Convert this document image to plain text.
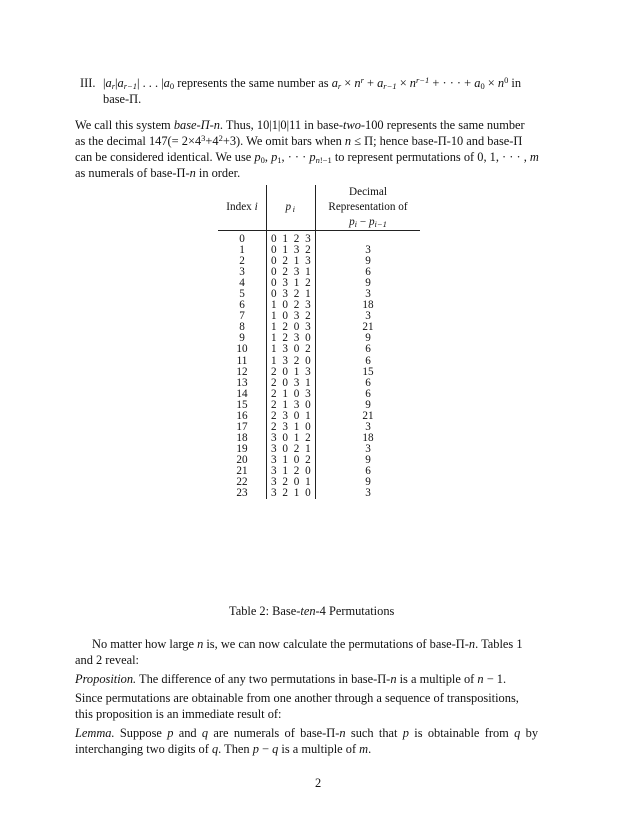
III. $|a_r|a_{r-1}|$ . . . $|a_0$ represents the same number as $a_r \times n^r + a_{r-1} \times n^{r-1}$ + · · · + $a_0 \times n^0$ in
base-Π.
We call this system base-Π-n. Thus, 10|1|0|11 in base-two-100 represents the same number
as the decimal $147(= 2\times 4^3+4^2+3)$. We omit bars when n ≤ Π; hence base-Π-10 and base-Π
can be considered identical. We use $p_0$, $p_1$, · · · $p_{n!-1}$ to represent permutations of 0, 1, · · · , m
as numerals of base-Π-n in order.
Index i	$p_i$	Decimal
Representation of
$p_i - p_{i-1}$
0	0 1 2 3	
1	0 1 3 2	3
2	0 2 1 3	9
3	0 2 3 1	6
4	0 3 1 2	9
5	0 3 2 1	3
6	1 0 2 3	18
7	1 0 3 2	3
8	1 2 0 3	21
9	1 2 3 0	9
10	1 3 0 2	6
11	1 3 2 0	6
12	2 0 1 3	15
13	2 0 3 1	6
14	2 1 0 3	6
15	2 1 3 0	9
16	2 3 0 1	21
17	2 3 1 0	3
18	3 0 1 2	18
19	3 0 2 1	3
20	3 1 0 2	9
21	3 1 2 0	6
22	3 2 0 1	9
23	3 2 1 0	3
Table 2: Base-ten-4 Permutations
No matter how large n is, we can now calculate the permutations of base-Π-n. Tables 1
and 2 reveal:
Proposition. The difference of any two permutations in base-Π-n is a multiple of n − 1.
Since permutations are obtainable from one another through a sequence of transpositions,
this proposition is an immediate result of:
Lemma. Suppose p and q are numerals of base-Π-n such that p is obtainable from q by
interchanging two digits of q. Then p − q is a multiple of m.
2
